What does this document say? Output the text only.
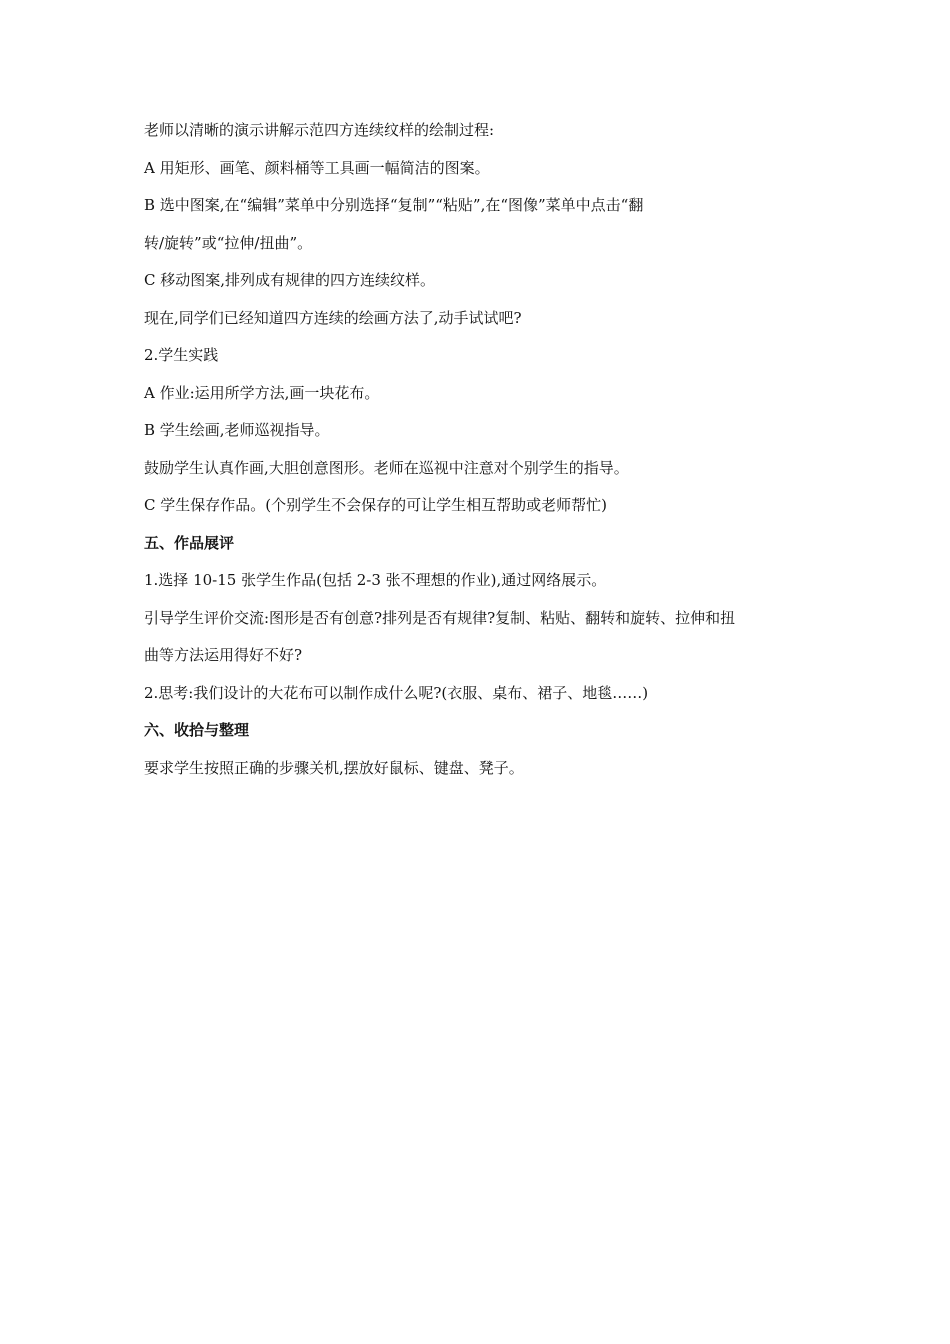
老师以清晰的演示讲解示范四方连续纹样的绘制过程:

A 用矩形、画笔、颜料桶等工具画一幅简洁的图案。

B 选中图案,在“编辑”菜单中分别选择“复制”“粘贴”,在“图像”菜单中点击“翻

转/旋转”或“拉伸/扭曲”。

C 移动图案,排列成有规律的四方连续纹样。

现在,同学们已经知道四方连续的绘画方法了,动手试试吧?

2.学生实践

A 作业:运用所学方法,画一块花布。

B 学生绘画,老师巡视指导。

鼓励学生认真作画,大胆创意图形。老师在巡视中注意对个别学生的指导。

C 学生保存作品。(个别学生不会保存的可让学生相互帮助或老师帮忙)

五、作品展评

1.选择 10-15 张学生作品(包括 2-3 张不理想的作业),通过网络展示。

引导学生评价交流:图形是否有创意?排列是否有规律?复制、粘贴、翻转和旋转、拉伸和扭

曲等方法运用得好不好?

2.思考:我们设计的大花布可以制作成什么呢?(衣服、桌布、裙子、地毯……)

六、收拾与整理

要求学生按照正确的步骤关机,摆放好鼠标、键盘、凳子。
